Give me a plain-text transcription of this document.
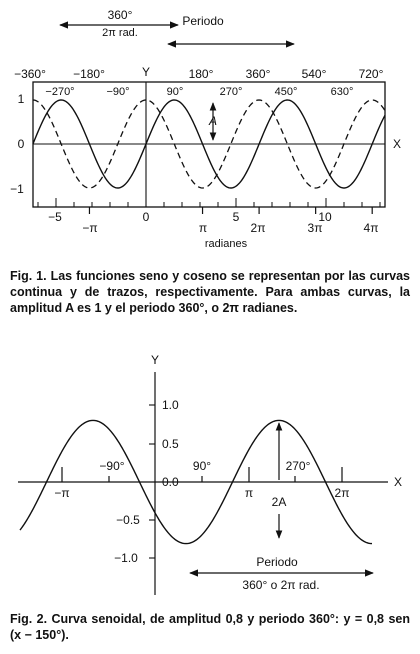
360°
2π rad.
Periodo
−360° −180°	180°	360°	540°	720°
Y
−270°	−90°	90°	270°	450°	630°
X
1
0
−1
A
−5	0	5	10
−π	π	2π	3π	4π
radianes
Y
X
1.0
0.5
0.0
−0.5
−1.0
−π
−90°	90°
π
270°
2π
2A
Periodo
360° o 2π rad.

Fig. 1. Las funciones seno y coseno se representan por las curvas continua y de trazos, respectivamente. Para ambas curvas, la amplitud A es 1 y el periodo 360°, o 2π radianes.

Fig. 2. Curva senoidal, de amplitud 0,8 y periodo 360°: y = 0,8 sen (x − 150°).
